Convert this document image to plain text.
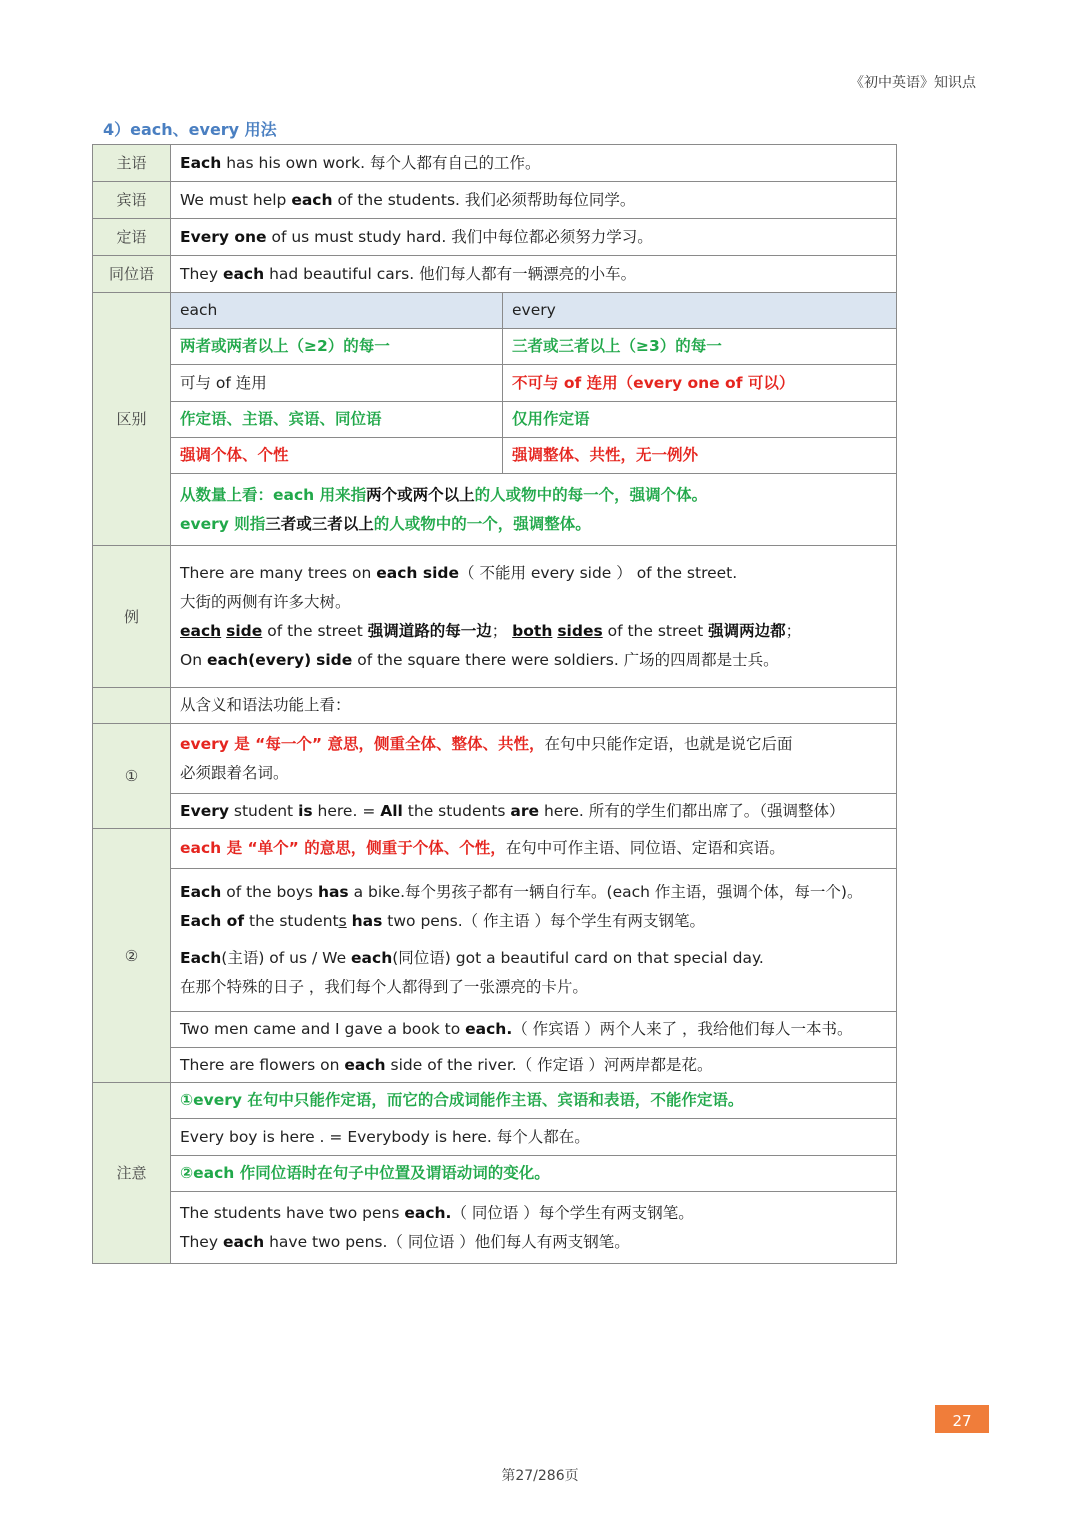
《初中英语》知识点
4）each、every 用法
主语	Each has his own work. 每个人都有自己的工作。	
宾语	We must help each of the students. 我们必须帮助每位同学。	
定语	Every one of us must study hard. 我们中每位都必须努力学习。	
同位语	They each had beautiful cars. 他们每人都有一辆漂亮的小车。	
区别	each	every
	两者或两者以上（≥2）的每一	三者或三者以上（≥3）的每一
	可与 of 连用	不可与 of 连用（every one of 可以）
	作定语、主语、宾语、同位语	仅用作定语
	强调个体、个性	强调整体、共性，无一例外

	从数量上看：each 用来指两个或两个以上的人或物中的每一个，强调个体。
every 则指三者或三者以上的人或物中的一个，强调整体。	

例	There are many trees on each side（ 不能用 every side ） of the street.
大街的两侧有许多大树。
each side of the street 强调道路的每一边； both sides of the street 强调两边都；
On each(every) side of the square there were soldiers. 广场的四周都是士兵。	

	从含义和语法功能上看：	
①	every 是 “每一个” 意思，侧重全体、整体、共性，在句中只能作定语，也就是说它后面
必须跟着名词。	

	Every student is here. = All the students are here. 所有的学生们都出席了。（强调整体）	
②	each 是 “单个” 的意思，侧重于个体、个性，在句中可作主语、同位语、定语和宾语。	

	Each of the boys has a bike.每个男孩子都有一辆自行车。(each 作主语，强调个体，每一个)。
Each of the students has two pens.（ 作主语 ）每个学生有两支钢笔。
Each(主语) of us / We each(同位语) got a beautiful card on that special day.
在那个特殊的日子 ，我们每个人都得到了一张漂亮的卡片。	

	Two men came and I gave a book to each.（ 作宾语 ）两个人来了 ，我给他们每人一本书。	
	There are flowers on each side of the river.（ 作定语 ）河两岸都是花。	
注意	①every 在句中只能作定语，而它的合成词能作主语、宾语和表语，不能作定语。	
	Every boy is here . = Everybody is here. 每个人都在。	
	②each 作同位语时在句子中位置及谓语动词的变化。	

	The students have two pens each.（ 同位语 ）每个学生有两支钢笔。
They each have two pens.（ 同位语 ）他们每人有两支钢笔。	
27
第27/286页
